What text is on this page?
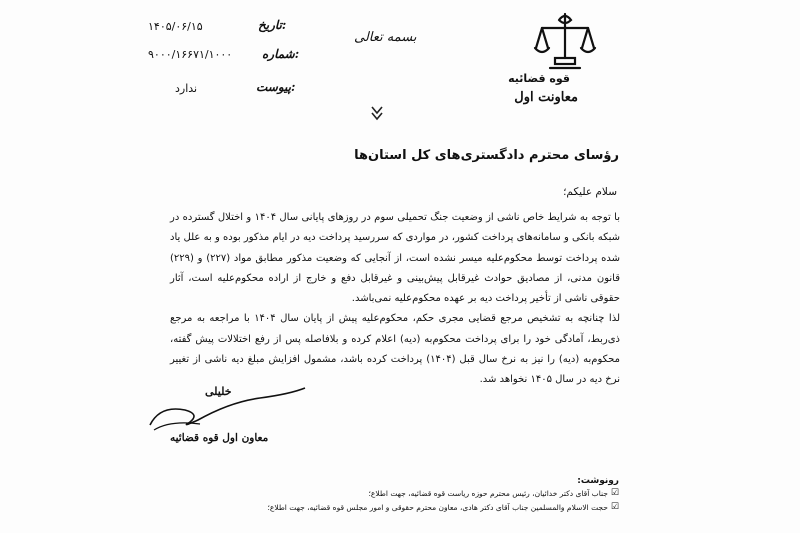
قوه قضائیه
معاونت اول
بسمه تعالی
تاریخ:
۱۴۰۵/۰۶/۱۵
شماره:
۹۰۰۰/۱۶۶۷۱/۱۰۰۰
پیوست:
ندارد
رؤسای محترم دادگستری‌های کل استان‌ها

با توجه به شرایط خاص ناشی از وضعیت جنگ تحمیلی سوم در روزهای پایانی سال ۱۴۰۴ و اختلال گسترده در شبکه بانکی و سامانه‌های پرداخت کشور، در مواردی که سررسید پرداخت دیه در ایام مذکور بوده و به علل یاد شده پرداخت توسط محکوم‌علیه میسر نشده است، از آنجایی که وضعیت مذکور مطابق مواد (۲۲۷) و (۲۲۹) قانون مدنی، از مصادیق حوادث غیرقابل پیش‌بینی و غیرقابل دفع و خارج از اراده محکوم‌علیه است، آثار حقوقی ناشی از تأخیر پرداخت دیه بر عهده محکوم‌علیه نمی‌باشد.

لذا چنانچه به تشخیص مرجع قضایی مجری حکم، محکوم‌علیه پیش از پایان سال ۱۴۰۴ با مراجعه به مرجع ذی‌ربط، آمادگی خود را برای پرداخت محکوم‌به (دیه) اعلام کرده و بلافاصله پس از رفع اختلالات پیش گفته، محکوم‌به (دیه) را نیز به نرخ سال قبل (۱۴۰۴) پرداخت کرده باشد، مشمول افزایش مبلغ دیه ناشی از تغییر نرخ دیه در سال ۱۴۰۵ نخواهد شد.

سلام علیکم؛
خلیلی
معاون اول قوه قضائیه
رونوشت:
☑
جناب آقای دکتر خدائیان، رئیس محترم حوزه ریاست قوه قضائیه، جهت اطلاع؛
☑
حجت الاسلام والمسلمین جناب آقای دکتر هادی، معاون محترم حقوقی و امور مجلس قوه قضائیه، جهت اطلاع؛
